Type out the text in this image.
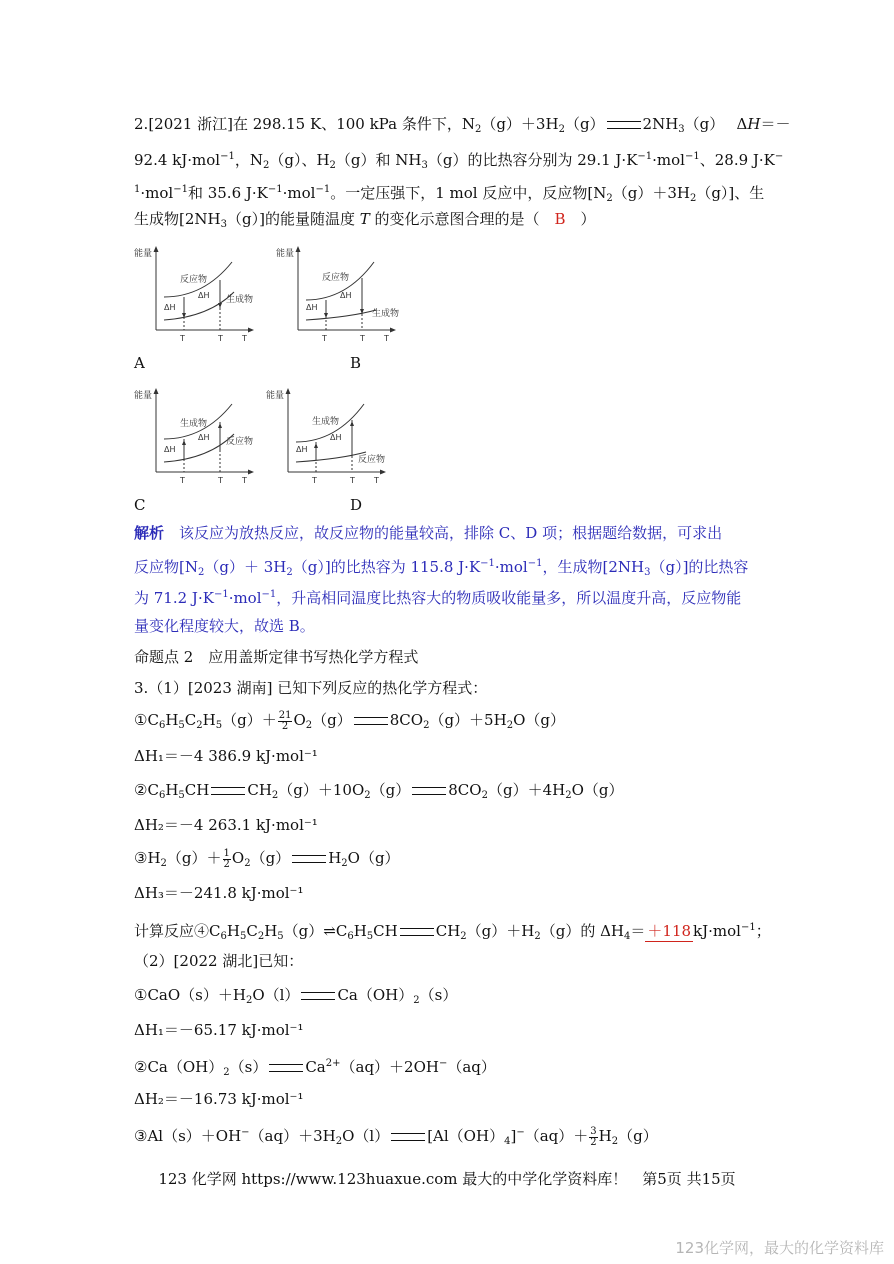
2.[2021 浙江]在 298.15 K、100 kPa 条件下，$N_2(g)+3H_2(g)$	$2NH_3(g)$　 ΔH＝－
92.4 kJ·mol$^{-1}$，$N_2(g)$、$H_2(g)$和 $NH_3(g)$的比热容分别为 29.1 $J\cdot K^{-1}\cdot mol^{-1}$、28.9 J·K−
$^1$·mol$^{-1}$和 35.6 $J\cdot K^{-1}\cdot mol^{-1}$。一定压强下，1 mol 反应中，反应物$[N_2(g)+3H_2(g)]$、生
生成物$[2NH_3(g)]$的能量随温度 T 的变化示意图合理的是（　B　）
能量
反应物
生成物
ΔH
ΔH
T	T T
A
能量
反应物
生成物
ΔH
ΔH
T	T T
B
能量
生成物
反应物
ΔH
ΔH
T	T T
C
能量
生成物
反应物
ΔH
ΔH
T	T T
D
解析　 该反应为放热反应，故反应物的能量较高，排除 C、D 项；根据题给数据，可求出
反应物$[N_2(g)+ 3H_2(g)]$的比热容为 115.8 $J\cdot K^{-1}\cdot mol^{-1}$，生成物$[2NH_3(g)]$的比热容
为 71.2 $J\cdot K^{-1}\cdot mol^{-1}$，升高相同温度比热容大的物质吸收能量多，所以温度升高，反应物能
量变化程度较大，故选 B。
命题点 2　应用盖斯定律书写热化学方程式
3.（1）[2023 湖南] 已知下列反应的热化学方程式：
$①C_6H_5C_2H_5(g)+ \frac{21}{2} O_2(g)$	$8CO_2(g)+5H_2O(g)$
ΔH₁＝－4 386.9 kJ·mol⁻¹
$②C_6H_5CH$	$CH_2(g)+10O_2(g)$	$8CO_2(g)+4H_2O(g)$
ΔH₂＝－4 263.1 kJ·mol⁻¹
$③H_2(g)+ \frac{1}{2} O_2(g)$	$H_2O(g)$
ΔH₃＝－241.8 kJ·mol⁻¹
计算反应$④C_6H_5C_2H_5(g)\rightleftharpoons C_6H_5CH$	$CH_2(g)+H_2(g)$的 $\Delta H_4= +118$ kJ·mol$^{-1}$；
（2）[2022 湖北]已知：
$①CaO(s)+H_2O(l)$	$Ca(OH)_2(s)$
ΔH₁＝－65.17 kJ·mol⁻¹
$②Ca(OH)_2(s)$	$Ca^{2+}(aq)+2OH^-(aq)$
ΔH₂＝－16.73 kJ·mol⁻¹
$③Al(s)+OH^-(aq)+3H_2O(l)$	$[Al(OH)_4]^-(aq)+ \frac{3}{2} H_2(g)$
123 化学网 https://www.123huaxue.com 最大的中学化学资料库！　第5页 共15页
123化学网，最大的化学资料库
